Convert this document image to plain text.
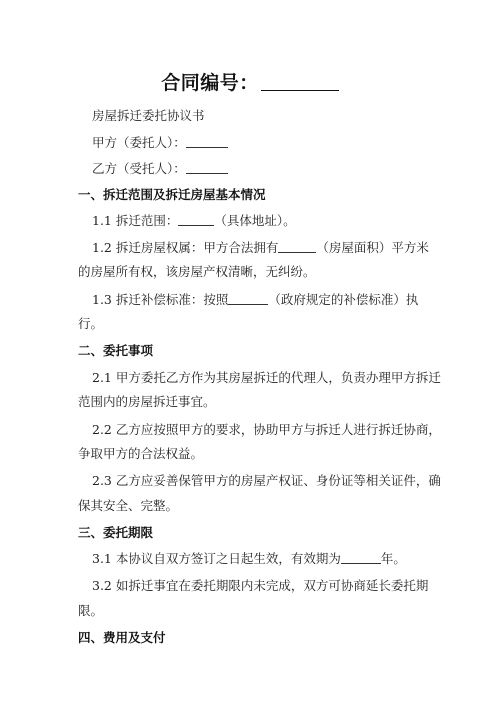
合同编号：
房屋拆迁委托协议书
甲方（委托人）：
乙方（受托人）：
一、拆迁范围及拆迁房屋基本情况
1.1 拆迁范围：	（具体地址）。
1.2 拆迁房屋权属：甲方合法拥有	（房屋面积）平方米
的房屋所有权，该房屋产权清晰，无纠纷。
1.3 拆迁补偿标准：按照	（政府规定的补偿标准）执
行。
二、委托事项
2.1 甲方委托乙方作为其房屋拆迁的代理人，负责办理甲方拆迁
范围内的房屋拆迁事宜。
2.2 乙方应按照甲方的要求，协助甲方与拆迁人进行拆迁协商，
争取甲方的合法权益。
2.3 乙方应妥善保管甲方的房屋产权证、身份证等相关证件，确
保其安全、完整。
三、委托期限
3.1 本协议自双方签订之日起生效，有效期为	年。
3.2 如拆迁事宜在委托期限内未完成，双方可协商延长委托期
限。
四、费用及支付
